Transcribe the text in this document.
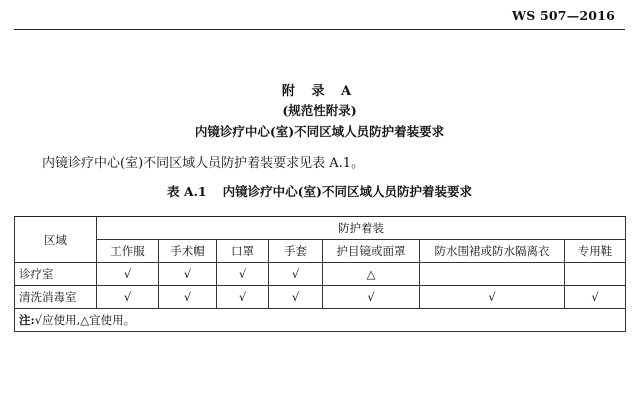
WS 507—2016
附 录 A
(规范性附录)
内镜诊疗中心(室)不同区域人员防护着装要求
内镜诊疗中心(室)不同区域人员防护着装要求见表 A.1。
表 A.1 内镜诊疗中心(室)不同区域人员防护着装要求
区域	防护着装						
	工作服	手术帽	口罩	手套	护目镜或面罩	防水围裙或防水隔离衣	专用鞋
诊疗室	√	√	√	√	△		
清洗消毒室	√	√	√	√	√	√	√
注:√应使用,△宜使用。							
